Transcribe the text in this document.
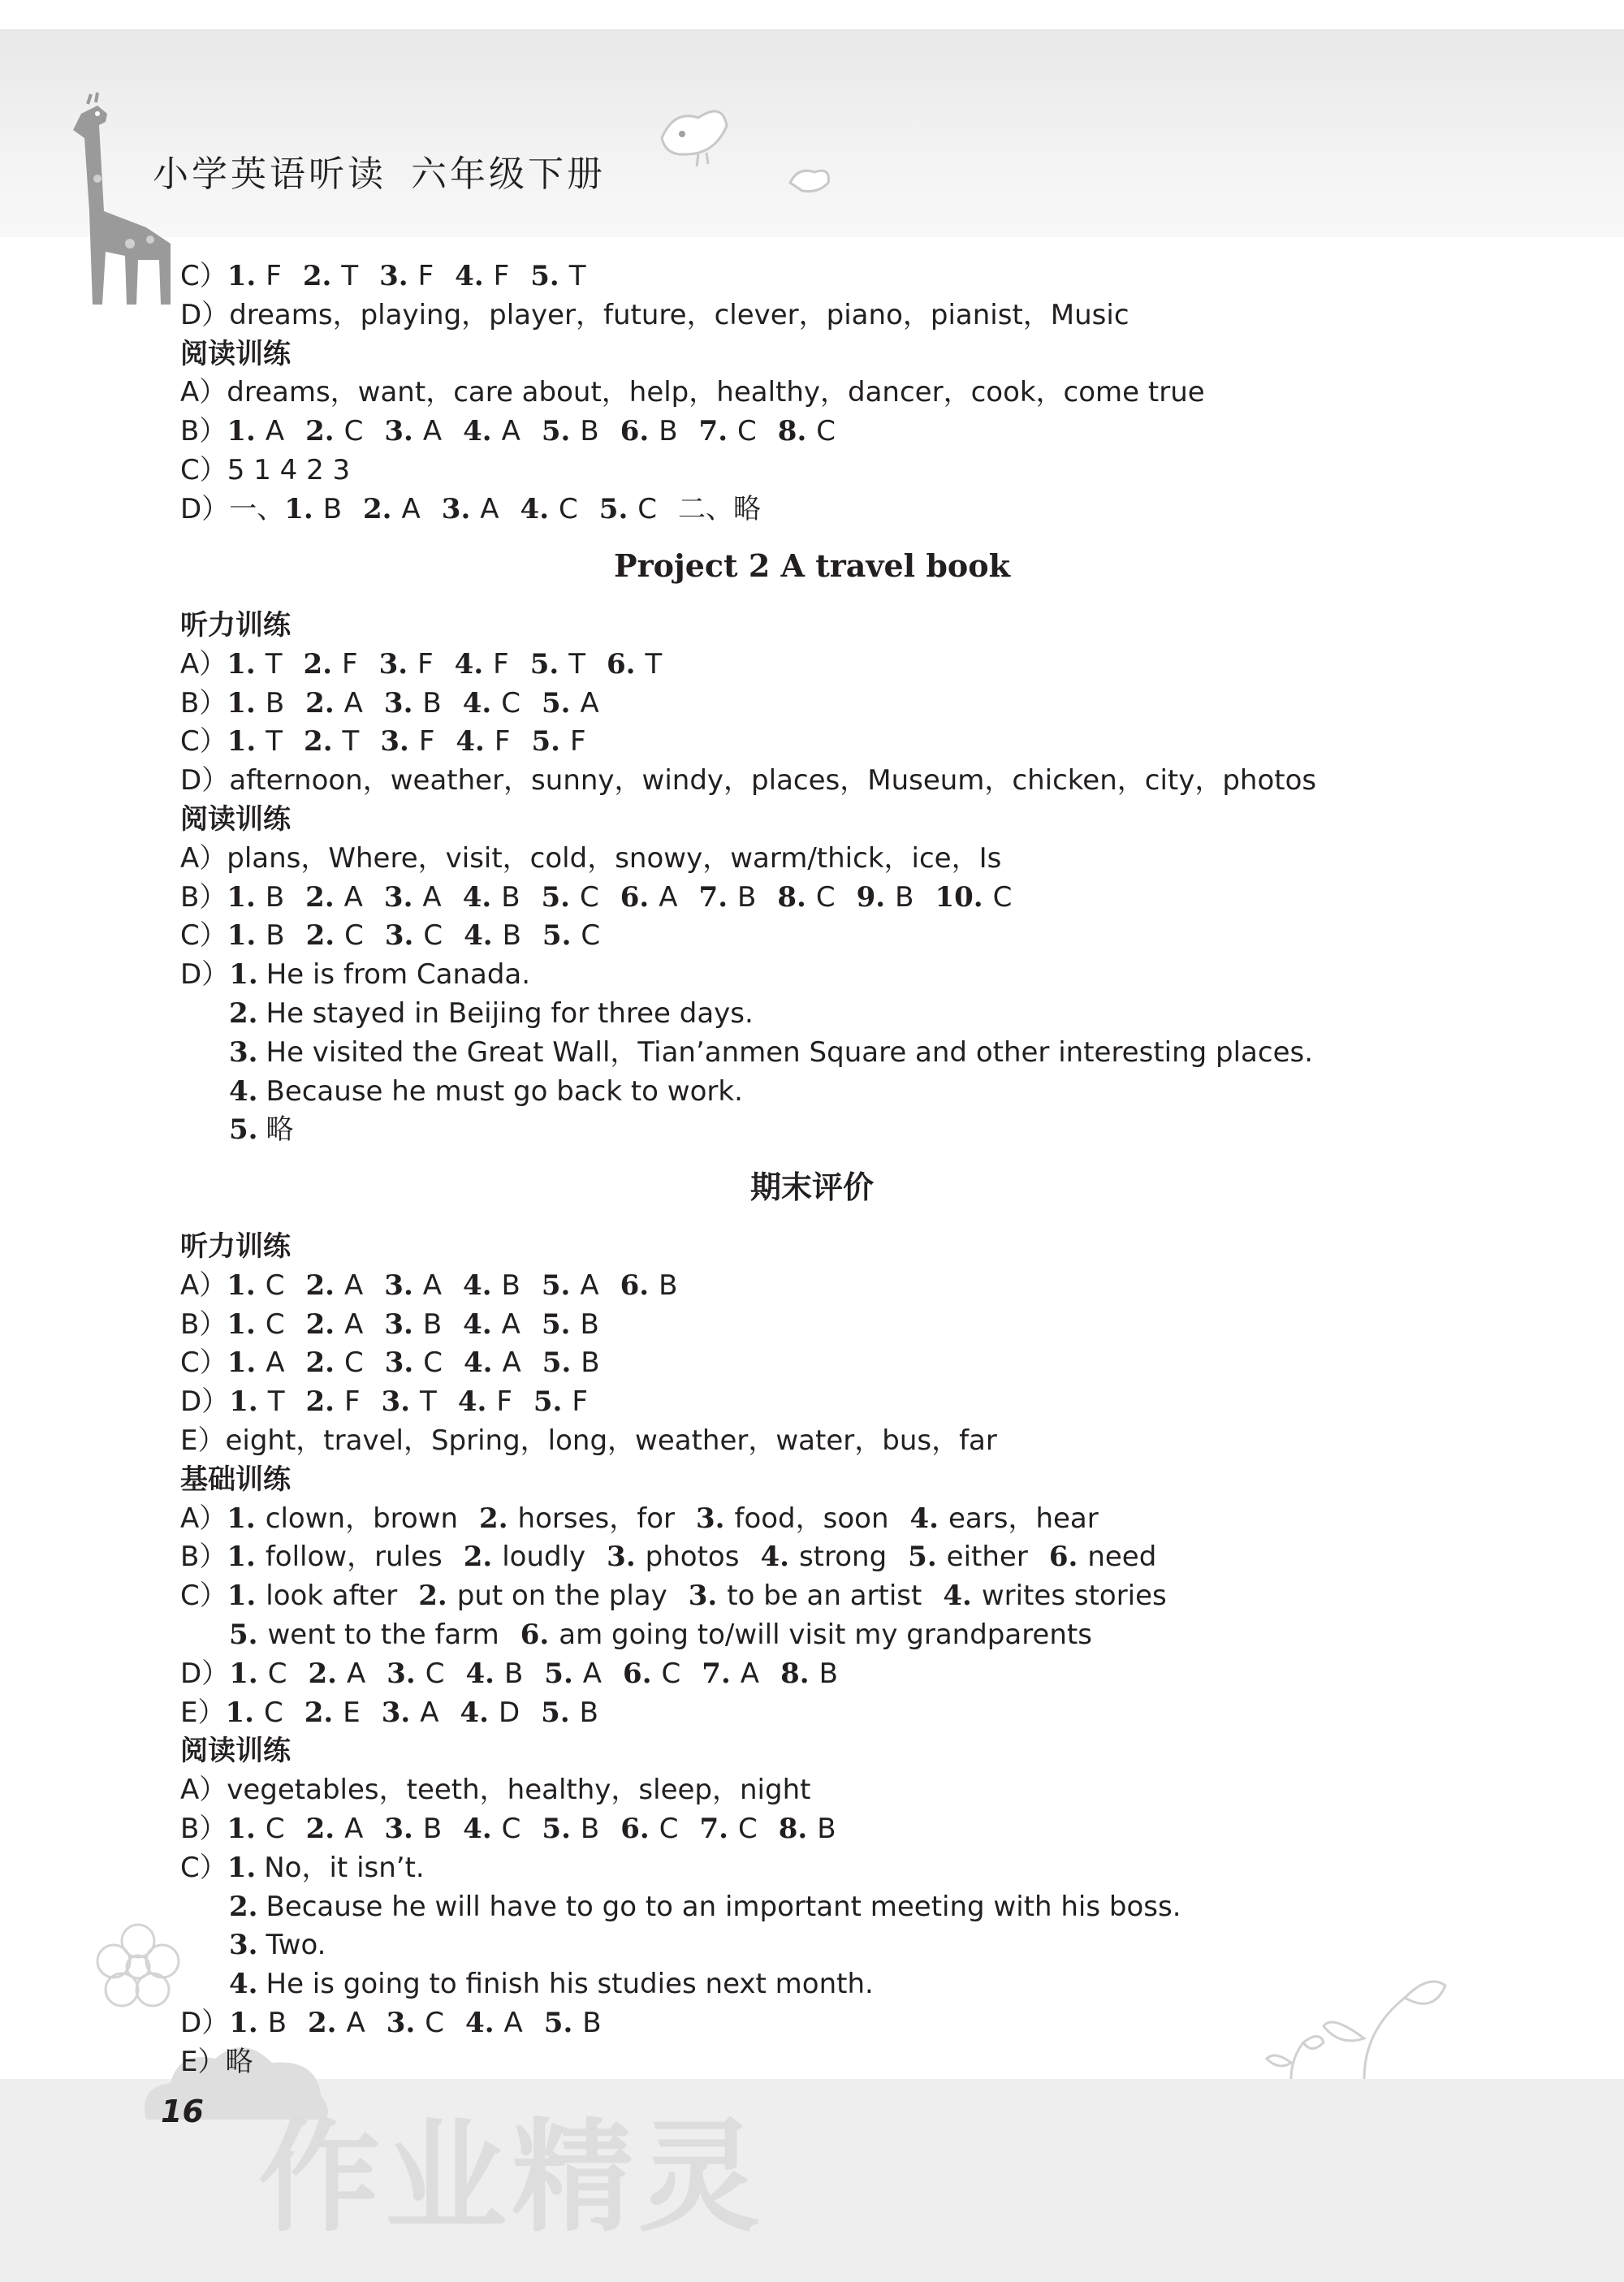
小学英语听读 六年级下册
C）1. F 2. T 3. F 4. F 5. T
D）dreams，playing，player，future，clever，piano，pianist，Music
阅读训练
A）dreams，want，care about，help，healthy，dancer，cook，come true
B）1. A 2. C 3. A 4. A 5. B 6. B 7. C 8. C
C）5 1 4 2 3
D）一、1. B 2. A 3. A 4. C 5. C 二、略
Project 2 A travel book
听力训练
A）1. T 2. F 3. F 4. F 5. T 6. T
B）1. B 2. A 3. B 4. C 5. A
C）1. T 2. T 3. F 4. F 5. F
D）afternoon，weather，sunny，windy，places，Museum，chicken，city，photos
阅读训练
A）plans，Where，visit，cold，snowy，warm/thick，ice，Is
B）1. B 2. A 3. A 4. B 5. C 6. A 7. B 8. C 9. B 10. C
C）1. B 2. C 3. C 4. B 5. C
D）1. He is from Canada.
2. He stayed in Beijing for three days.
3. He visited the Great Wall，Tian’anmen Square and other interesting places.
4. Because he must go back to work.
5. 略
期末评价
听力训练
A）1. C 2. A 3. A 4. B 5. A 6. B
B）1. C 2. A 3. B 4. A 5. B
C）1. A 2. C 3. C 4. A 5. B
D）1. T 2. F 3. T 4. F 5. F
E）eight，travel，Spring，long，weather，water，bus，far
基础训练
A）1. clown，brown 2. horses，for 3. food，soon 4. ears，hear
B）1. follow，rules 2. loudly 3. photos 4. strong 5. either 6. need
C）1. look after 2. put on the play 3. to be an artist 4. writes stories
5. went to the farm 6. am going to/will visit my grandparents
D）1. C 2. A 3. C 4. B 5. A 6. C 7. A 8. B
E）1. C 2. E 3. A 4. D 5. B
阅读训练
A）vegetables，teeth，healthy，sleep，night
B）1. C 2. A 3. B 4. C 5. B 6. C 7. C 8. B
C）1. No，it isn’t.
2. Because he will have to go to an important meeting with his boss.
3. Two.
4. He is going to finish his studies next month.
D）1. B 2. A 3. C 4. A 5. B
E）略
作业精灵
16
